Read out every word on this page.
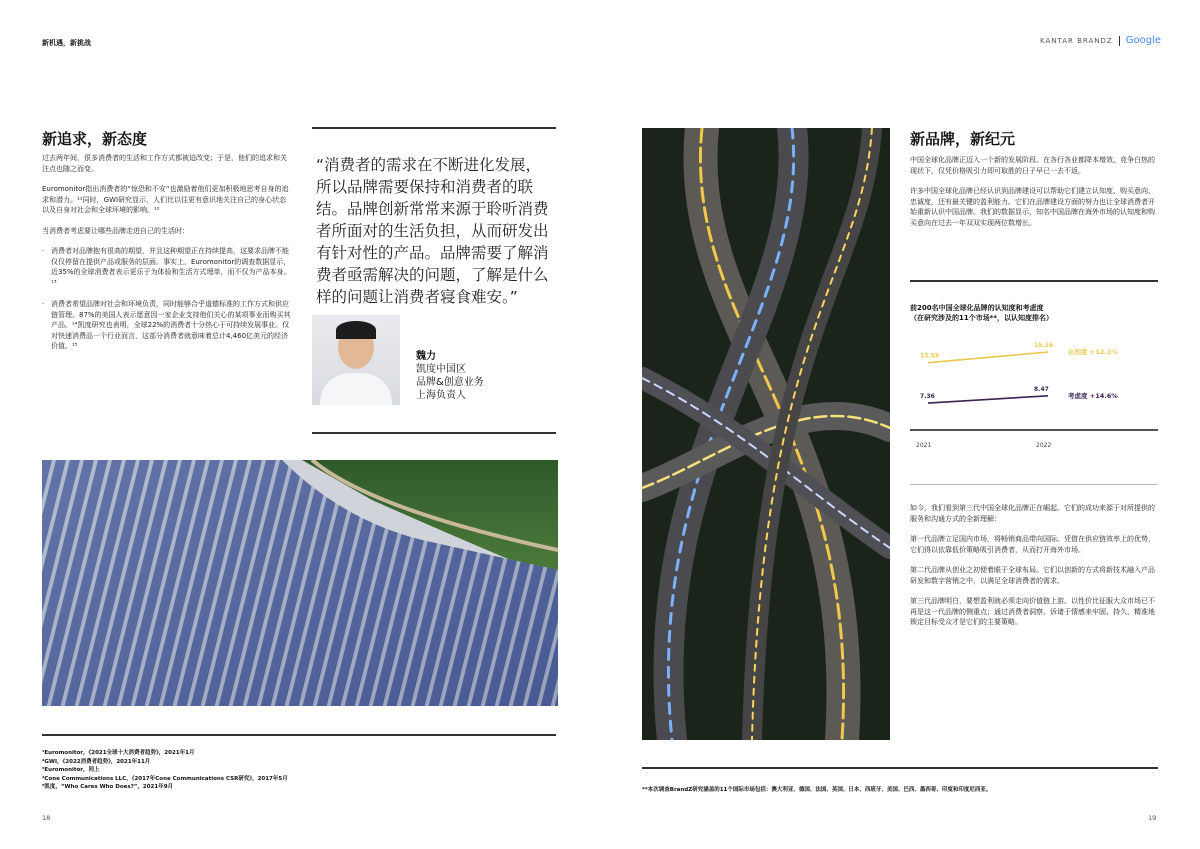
新机遇，新挑战	KANTAR BRANDZ Google
新追求，新态度

过去两年间，很多消费者的生活和工作方式都被迫改变；于是，他们的追求和关注点也随之而变。

Euromonitor指出消费者的“惊恐和不安”也激励着他们更加积极地思考自身的追求和潜力。¹¹同时，GWI研究显示，人们比以往更有意识地关注自己的身心状态以及自身对社会和全球环境的影响。¹²

当消费者考虑要让哪些品牌走进自己的生活时：

· 消费者对品牌抱有很高的期望，并且这种期望正在持续提高，这要求品牌不能仅仅停留在提供产品或服务的层面。事实上，Euromonitor的调查数据显示，近35%的全球消费者表示更乐于为体验和生活方式埋单，而不仅为产品本身。¹³
· 消费者希望品牌对社会和环境负责，同时能够合乎道德标准的工作方式和供应链管理。87%的美国人表示愿意因一家企业支持他们关心的某项事业而购买其产品。¹⁴凯度研究也表明，全球22%的消费者十分热心于可持续发展事业。仅对快速消费品一个行业而言，这部分消费者就意味着总计4,460亿美元的经济价值。¹⁵
“消费者的需求在不断进化发展，所以品牌需要保持和消费者的联结。品牌创新常常来源于聆听消费者所面对的生活负担，从而研发出有针对性的产品。品牌需要了解消费者亟需解决的问题，了解是什么样的问题让消费者寝食难安。”
魏力
凯度中国区
品牌&创意业务
上海负责人
¹Euromonitor，《2021全球十大消费者趋势》，2021年1月
²GWI，《2022消费者趋势》，2021年11月
³Euromonitor，同上
⁴Cone Communications LLC，《2017年Cone Communications CSR研究》，2017年5月
⁵凯度，“Who Cares Who Does?”，2021年9月
18
新品牌，新纪元

中国全球化品牌正迈入一个新的发展阶段。在各行各业都降本增效、竞争白热的现状下，仅凭价格吸引力即可取胜的日子早已一去不返。

许多中国全球化品牌已经认识到品牌建设可以帮助它们建立认知度、购买意向、忠诚度，还有最关键的盈利能力。它们在品牌建设方面的努力也让全球消费者开始重新认识中国品牌。我们的数据显示，知名中国品牌在海外市场的认知度和购买意向在过去一年双双实现两位数增长。

前200名中国全球化品牌的认知度和考虑度
（在研究涉及的11个市场**，以认知度排名）
13.53
15.16
认知度 +12.1%
7.36
8.47
考虑度 +14.6%
2021	2022

如今，我们看到第三代中国全球化品牌正在崛起。它们的成功来源于对所提供的服务和沟通方式的全新理解：

第一代品牌立足国内市场，将畅销商品带向国际。凭借在供应链效率上的优势，它们得以依靠低价策略吸引消费者，从而打开海外市场。

第二代品牌从创业之初便着眼于全球布局。它们以创新的方式将新技术融入产品研发和数字营销之中，以满足全球消费者的需求。

第三代品牌明白，要想盈利就必须走向价值链上游。以性价比征服大众市场已不再是这一代品牌的侧重点；通过消费者洞察，诉诸于情感来牢固、持久、精准地锁定目标受众才是它们的主要策略。

**本次调查BrandZ研究涵盖的11个国际市场包括：澳大利亚、德国、法国、英国、日本、西班牙、美国、巴西、墨西哥、印度和印度尼西亚。
19
